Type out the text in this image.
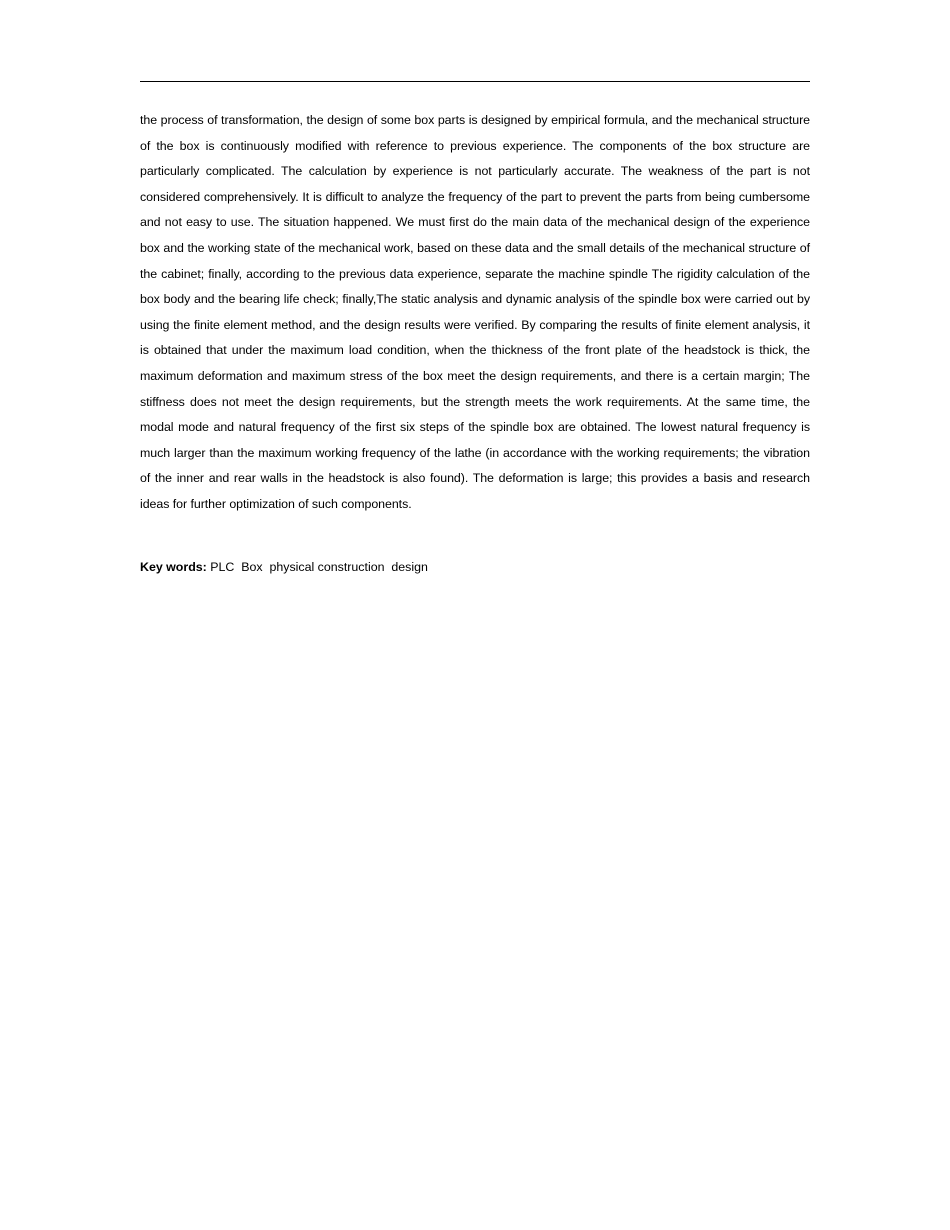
the process of transformation, the design of some box parts is designed by empirical formula, and the mechanical structure of the box is continuously modified with reference to previous experience. The components of the box structure are particularly complicated. The calculation by experience is not particularly accurate. The weakness of the part is not considered comprehensively. It is difficult to analyze the frequency of the part to prevent the parts from being cumbersome and not easy to use. The situation happened. We must first do the main data of the mechanical design of the experience box and the working state of the mechanical work, based on these data and the small details of the mechanical structure of the cabinet; finally, according to the previous data experience, separate the machine spindle The rigidity calculation of the box body and the bearing life check; finally,The static analysis and dynamic analysis of the spindle box were carried out by using the finite element method, and the design results were verified. By comparing the results of finite element analysis, it is obtained that under the maximum load condition, when the thickness of the front plate of the headstock is thick, the maximum deformation and maximum stress of the box meet the design requirements, and there is a certain margin; The stiffness does not meet the design requirements, but the strength meets the work requirements. At the same time, the modal mode and natural frequency of the first six steps of the spindle box are obtained. The lowest natural frequency is much larger than the maximum working frequency of the lathe (in accordance with the working requirements; the vibration of the inner and rear walls in the headstock is also found). The deformation is large; this provides a basis and research ideas for further optimization of such components.

Key words: PLC  Box  physical construction  design
